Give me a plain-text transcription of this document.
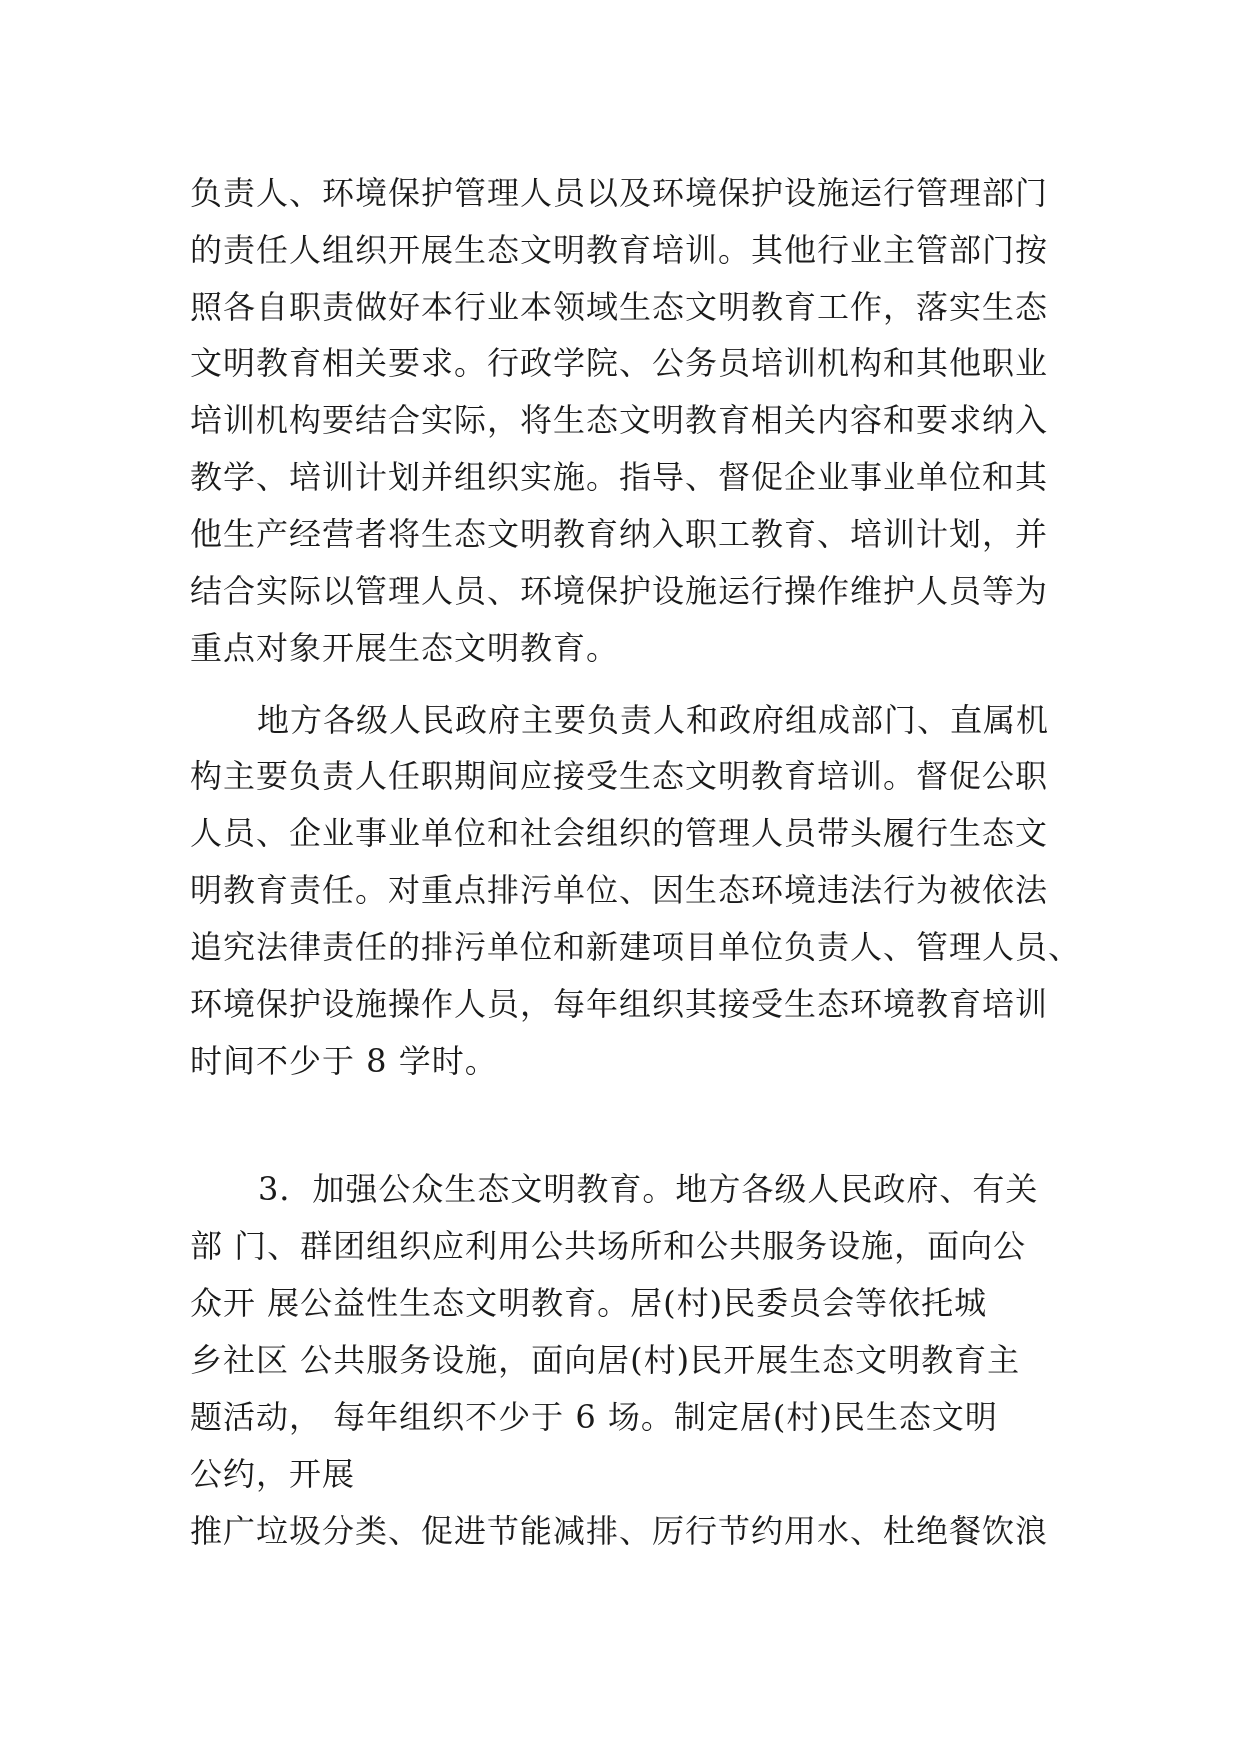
负责人、环境保护管理人员以及环境保护设施运行管理部门
的责任人组织开展生态文明教育培训。其他行业主管部门按
照各自职责做好本行业本领域生态文明教育工作，落实生态
文明教育相关要求。行政学院、公务员培训机构和其他职业
培训机构要结合实际，将生态文明教育相关内容和要求纳入
教学、培训计划并组织实施。指导、督促企业事业单位和其
他生产经营者将生态文明教育纳入职工教育、培训计划，并
结合实际以管理人员、环境保护设施运行操作维护人员等为
重点对象开展生态文明教育。
地方各级人民政府主要负责人和政府组成部门、直属机
构主要负责人任职期间应接受生态文明教育培训。督促公职
人员、企业事业单位和社会组织的管理人员带头履行生态文
明教育责任。对重点排污单位、因生态环境违法行为被依法
追究法律责任的排污单位和新建项目单位负责人、管理人员、
环境保护设施操作人员，每年组织其接受生态环境教育培训
时间不少于 8 学时。
3．加强公众生态文明教育。地方各级人民政府、有关
部 门、群团组织应利用公共场所和公共服务设施，面向公
众开 展公益性生态文明教育。居(村)民委员会等依托城
乡社区 公共服务设施，面向居(村)民开展生态文明教育主
题活动， 每年组织不少于 6 场。制定居(村)民生态文明
公约，开展
推广垃圾分类、促进节能减排、厉行节约用水、杜绝餐饮浪
